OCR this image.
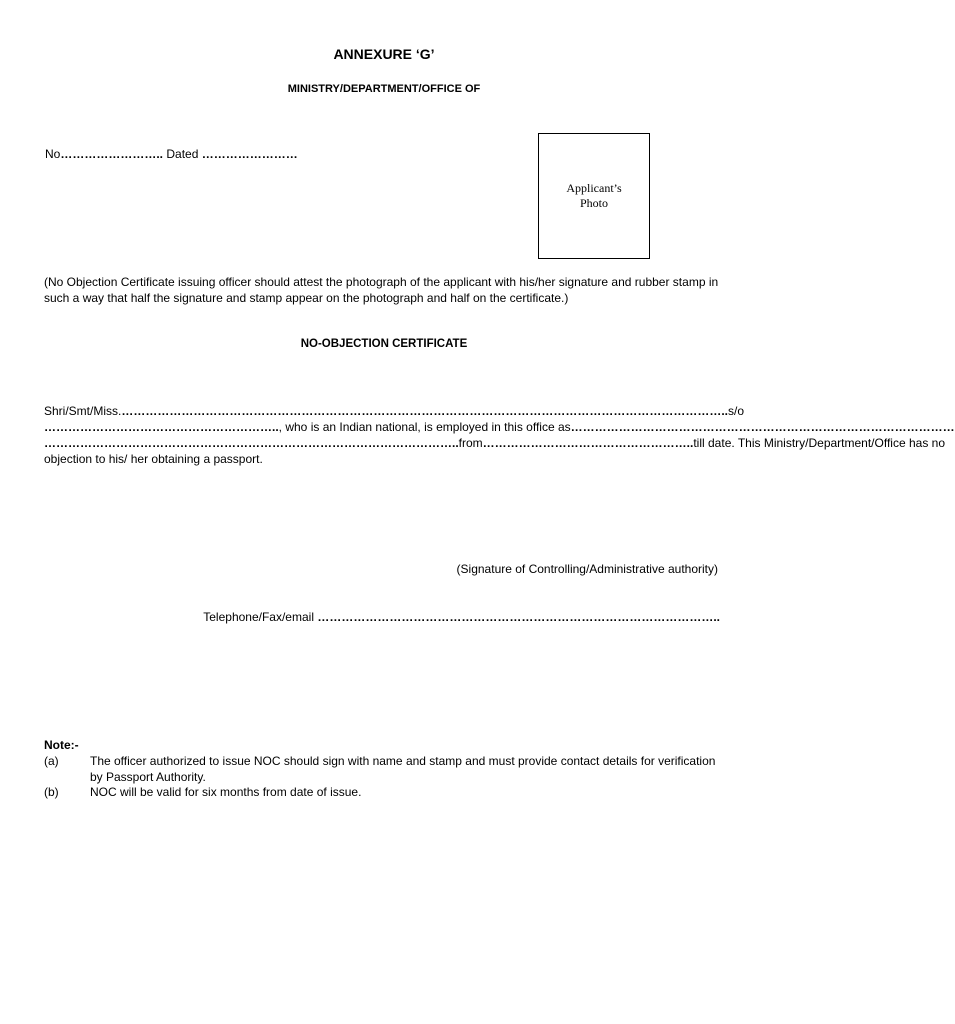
ANNEXURE ‘G’
MINISTRY/DEPARTMENT/OFFICE OF
No…………………….. Dated ……………………
Applicant’s
Photo

(No Objection Certificate issuing officer should attest the photograph of the applicant with his/her signature and rubber stamp in such a way that half the signature and stamp appear on the photograph and half on the certificate.)

NO-OBJECTION CERTIFICATE
Shri/Smt/Miss. …………………………………………………………………………………………………………………………………….. s/o
………………………………………………….. , who is an Indian national, is employed in this office as ……………………………………………………………………………………
………………………………………………………………………………………….. from …………………………………………….. till date. This Ministry/Department/Office has no
objection to his/ her obtaining a passport.
(Signature of Controlling/Administrative authority)
Telephone/Fax/email ………………………………………………………………………………………..
Note:-
(a)	The officer authorized to issue NOC should sign with name and stamp and must provide contact details for verification by Passport Authority.
(b)	NOC will be valid for six months from date of issue.
